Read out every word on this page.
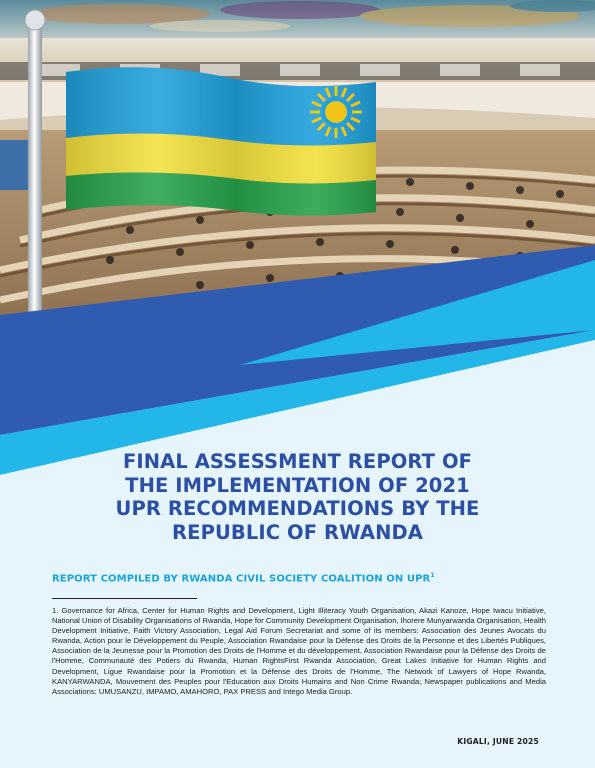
FINAL ASSESSMENT REPORT OF
THE IMPLEMENTATION OF 2021
UPR RECOMMENDATIONS BY THE
REPUBLIC OF RWANDA
REPORT COMPILED BY RWANDA CIVIL SOCIETY COALITION ON UPR$^1$

1. Governance for Africa, Center for Human Rights and Development, Light Illiteracy Youth Organisation, Akazi Kanoze, Hope Iwacu Initiative, National Union of Disability Organisations of Rwanda, Hope for Community Development Organisation, Ihorere Munyarwanda Organisation, Health Development Initiative, Faith Victory Association, Legal Aid Forum Secretariat and some of its members: Association des Jeunes Avocats du Rwanda, Action pour le Développement du Peuple, Association Rwandaise pour la Défense des Droits de la Personne et des Libertés Publiques, Association de la Jeunesse pour la Promotion des Droits de l'Homme et du développement, Association Rwandaise pour la Défense des Droits de l'Homme, Communauté des Potiers du Rwanda, Human RightsFirst Rwanda Association, Great Lakes Initiative for Human Rights and Development, Ligue Rwandaise pour la Promotion et la Défense des Droits de l'Homme, The Network of Lawyers of Hope Rwanda, KANYARWANDA, Mouvement des Peuples pour l'Education aux Droits Humains and Non Crime Rwanda; Newspaper publications and Media Associations: UMUSANZU, IMPAMO, AMAHORO, PAX PRESS and Intego Media Group.

KIGALI, JUNE 2025
